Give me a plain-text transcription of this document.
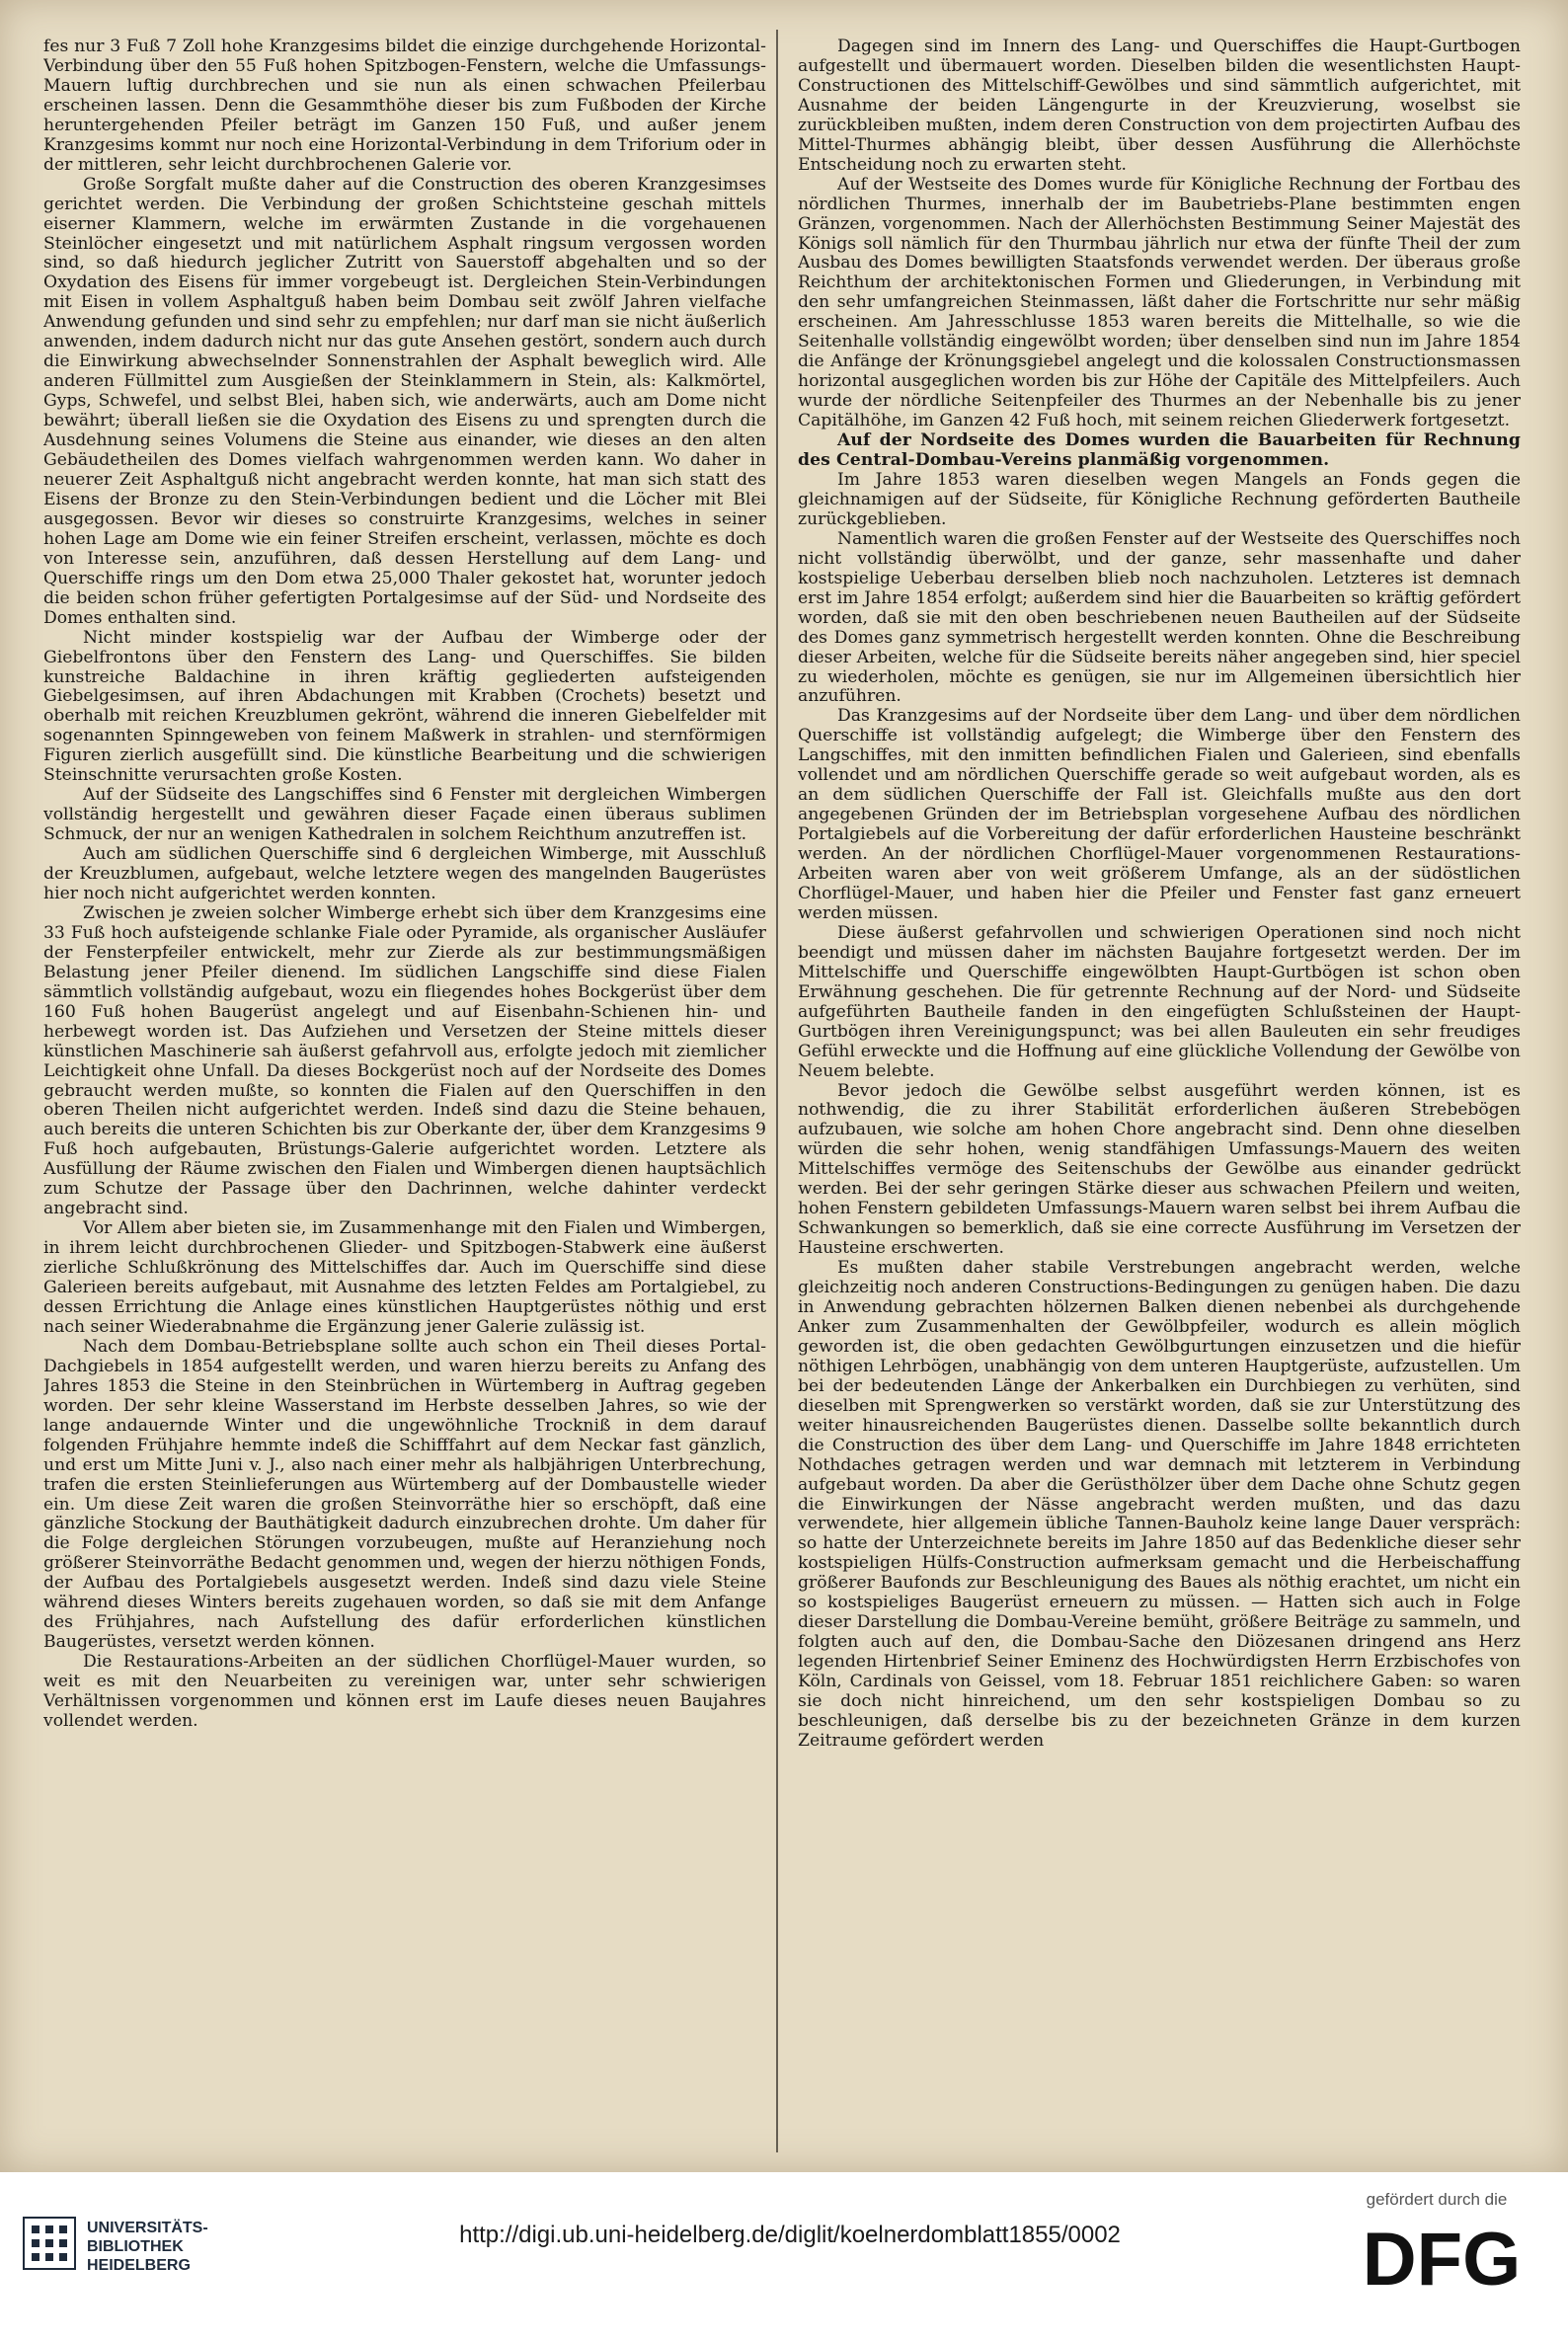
fes nur 3 Fuß 7 Zoll hohe Kranzgesims bildet die einzige durchgehende Horizontal-Verbindung über den 55 Fuß hohen Spitzbogen-Fenstern, welche die Umfassungs-Mauern luftig durchbrechen und sie nun als einen schwachen Pfeilerbau erscheinen lassen. Denn die Gesammthöhe dieser bis zum Fußboden der Kirche heruntergehenden Pfeiler beträgt im Ganzen 150 Fuß, und außer jenem Kranzgesims kommt nur noch eine Horizontal-Verbindung in dem Triforium oder in der mittleren, sehr leicht durchbrochenen Galerie vor.

Große Sorgfalt mußte daher auf die Construction des oberen Kranzgesimses gerichtet werden. Die Verbindung der großen Schichtsteine geschah mittels eiserner Klammern, welche im erwärmten Zustande in die vorgehauenen Steinlöcher eingesetzt und mit natürlichem Asphalt ringsum vergossen worden sind, so daß hiedurch jeglicher Zutritt von Sauerstoff abgehalten und so der Oxydation des Eisens für immer vorgebeugt ist. Dergleichen Stein-Verbindungen mit Eisen in vollem Asphaltguß haben beim Dombau seit zwölf Jahren vielfache Anwendung gefunden und sind sehr zu empfehlen; nur darf man sie nicht äußerlich anwenden, indem dadurch nicht nur das gute Ansehen gestört, sondern auch durch die Einwirkung abwechselnder Sonnenstrahlen der Asphalt beweglich wird. Alle anderen Füllmittel zum Ausgießen der Steinklammern in Stein, als: Kalkmörtel, Gyps, Schwefel, und selbst Blei, haben sich, wie anderwärts, auch am Dome nicht bewährt; überall ließen sie die Oxydation des Eisens zu und sprengten durch die Ausdehnung seines Volumens die Steine aus einander, wie dieses an den alten Gebäudetheilen des Domes vielfach wahrgenommen werden kann. Wo daher in neuerer Zeit Asphaltguß nicht angebracht werden konnte, hat man sich statt des Eisens der Bronze zu den Stein-Verbindungen bedient und die Löcher mit Blei ausgegossen. Bevor wir dieses so construirte Kranzgesims, welches in seiner hohen Lage am Dome wie ein feiner Streifen erscheint, verlassen, möchte es doch von Interesse sein, anzuführen, daß dessen Herstellung auf dem Lang- und Querschiffe rings um den Dom etwa 25,000 Thaler gekostet hat, worunter jedoch die beiden schon früher gefertigten Portalgesimse auf der Süd- und Nordseite des Domes enthalten sind.

Nicht minder kostspielig war der Aufbau der Wimberge oder der Giebelfrontons über den Fenstern des Lang- und Querschiffes. Sie bilden kunstreiche Baldachine in ihren kräftig gegliederten aufsteigenden Giebelgesimsen, auf ihren Abdachungen mit Krabben (Crochets) besetzt und oberhalb mit reichen Kreuzblumen gekrönt, während die inneren Giebelfelder mit sogenannten Spinngeweben von feinem Maßwerk in strahlen- und sternförmigen Figuren zierlich ausgefüllt sind. Die künstliche Bearbeitung und die schwierigen Steinschnitte verursachten große Kosten.

Auf der Südseite des Langschiffes sind 6 Fenster mit dergleichen Wimbergen vollständig hergestellt und gewähren dieser Façade einen überaus sublimen Schmuck, der nur an wenigen Kathedralen in solchem Reichthum anzutreffen ist.

Auch am südlichen Querschiffe sind 6 dergleichen Wimberge, mit Ausschluß der Kreuzblumen, aufgebaut, welche letztere wegen des mangelnden Baugerüstes hier noch nicht aufgerichtet werden konnten.

Zwischen je zweien solcher Wimberge erhebt sich über dem Kranzgesims eine 33 Fuß hoch aufsteigende schlanke Fiale oder Pyramide, als organischer Ausläufer der Fensterpfeiler entwickelt, mehr zur Zierde als zur bestimmungsmäßigen Belastung jener Pfeiler dienend. Im südlichen Langschiffe sind diese Fialen sämmtlich vollständig aufgebaut, wozu ein fliegendes hohes Bockgerüst über dem 160 Fuß hohen Baugerüst angelegt und auf Eisenbahn-Schienen hin- und herbewegt worden ist. Das Aufziehen und Versetzen der Steine mittels dieser künstlichen Maschinerie sah äußerst gefahrvoll aus, erfolgte jedoch mit ziemlicher Leichtigkeit ohne Unfall. Da dieses Bockgerüst noch auf der Nordseite des Domes gebraucht werden mußte, so konnten die Fialen auf den Querschiffen in den oberen Theilen nicht aufgerichtet werden. Indeß sind dazu die Steine behauen, auch bereits die unteren Schichten bis zur Oberkante der, über dem Kranzgesims 9 Fuß hoch aufgebauten, Brüstungs-Galerie aufgerichtet worden. Letztere als Ausfüllung der Räume zwischen den Fialen und Wimbergen dienen hauptsächlich zum Schutze der Passage über den Dachrinnen, welche dahinter verdeckt angebracht sind.

Vor Allem aber bieten sie, im Zusammenhange mit den Fialen und Wimbergen, in ihrem leicht durchbrochenen Glieder- und Spitzbogen-Stabwerk eine äußerst zierliche Schlußkrönung des Mittelschiffes dar. Auch im Querschiffe sind diese Galerieen bereits aufgebaut, mit Ausnahme des letzten Feldes am Portalgiebel, zu dessen Errichtung die Anlage eines künstlichen Hauptgerüstes nöthig und erst nach seiner Wiederabnahme die Ergänzung jener Galerie zulässig ist.

Nach dem Dombau-Betriebsplane sollte auch schon ein Theil dieses Portal-Dachgiebels in 1854 aufgestellt werden, und waren hierzu bereits zu Anfang des Jahres 1853 die Steine in den Steinbrüchen in Würtemberg in Auftrag gegeben worden. Der sehr kleine Wasserstand im Herbste desselben Jahres, so wie der lange andauernde Winter und die ungewöhnliche Trockniß in dem darauf folgenden Frühjahre hemmte indeß die Schifffahrt auf dem Neckar fast gänzlich, und erst um Mitte Juni v. J., also nach einer mehr als halbjährigen Unterbrechung, trafen die ersten Steinlieferungen aus Würtemberg auf der Dombaustelle wieder ein. Um diese Zeit waren die großen Steinvorräthe hier so erschöpft, daß eine gänzliche Stockung der Bauthätigkeit dadurch einzubrechen drohte. Um daher für die Folge dergleichen Störungen vorzubeugen, mußte auf Heranziehung noch größerer Steinvorräthe Bedacht genommen und, wegen der hierzu nöthigen Fonds, der Aufbau des Portalgiebels ausgesetzt werden. Indeß sind dazu viele Steine während dieses Winters bereits zugehauen worden, so daß sie mit dem Anfange des Frühjahres, nach Aufstellung des dafür erforderlichen künstlichen Baugerüstes, versetzt werden können.

Die Restaurations-Arbeiten an der südlichen Chorflügel-Mauer wurden, so weit es mit den Neuarbeiten zu vereinigen war, unter sehr schwierigen Verhältnissen vorgenommen und können erst im Laufe dieses neuen Baujahres vollendet werden.

Dagegen sind im Innern des Lang- und Querschiffes die Haupt-Gurtbogen aufgestellt und übermauert worden. Dieselben bilden die wesentlichsten Haupt-Constructionen des Mittelschiff-Gewölbes und sind sämmtlich aufgerichtet, mit Ausnahme der beiden Längengurte in der Kreuzvierung, woselbst sie zurückbleiben mußten, indem deren Construction von dem projectirten Aufbau des Mittel-Thurmes abhängig bleibt, über dessen Ausführung die Allerhöchste Entscheidung noch zu erwarten steht.

Auf der Westseite des Domes wurde für Königliche Rechnung der Fortbau des nördlichen Thurmes, innerhalb der im Baubetriebs-Plane bestimmten engen Gränzen, vorgenommen. Nach der Allerhöchsten Bestimmung Seiner Majestät des Königs soll nämlich für den Thurmbau jährlich nur etwa der fünfte Theil der zum Ausbau des Domes bewilligten Staatsfonds verwendet werden. Der überaus große Reichthum der architektonischen Formen und Gliederungen, in Verbindung mit den sehr umfangreichen Steinmassen, läßt daher die Fortschritte nur sehr mäßig erscheinen. Am Jahresschlusse 1853 waren bereits die Mittelhalle, so wie die Seitenhalle vollständig eingewölbt worden; über denselben sind nun im Jahre 1854 die Anfänge der Krönungsgiebel angelegt und die kolossalen Constructionsmassen horizontal ausgeglichen worden bis zur Höhe der Capitäle des Mittelpfeilers. Auch wurde der nördliche Seitenpfeiler des Thurmes an der Nebenhalle bis zu jener Capitälhöhe, im Ganzen 42 Fuß hoch, mit seinem reichen Gliederwerk fortgesetzt.

Auf der Nordseite des Domes wurden die Bauarbeiten für Rechnung des Central-Dombau-Vereins planmäßig vorgenommen.

Im Jahre 1853 waren dieselben wegen Mangels an Fonds gegen die gleichnamigen auf der Südseite, für Königliche Rechnung geförderten Bautheile zurückgeblieben.

Namentlich waren die großen Fenster auf der Westseite des Querschiffes noch nicht vollständig überwölbt, und der ganze, sehr massenhafte und daher kostspielige Ueberbau derselben blieb noch nachzuholen. Letzteres ist demnach erst im Jahre 1854 erfolgt; außerdem sind hier die Bauarbeiten so kräftig gefördert worden, daß sie mit den oben beschriebenen neuen Bautheilen auf der Südseite des Domes ganz symmetrisch hergestellt werden konnten. Ohne die Beschreibung dieser Arbeiten, welche für die Südseite bereits näher angegeben sind, hier speciel zu wiederholen, möchte es genügen, sie nur im Allgemeinen übersichtlich hier anzuführen.

Das Kranzgesims auf der Nordseite über dem Lang- und über dem nördlichen Querschiffe ist vollständig aufgelegt; die Wimberge über den Fenstern des Langschiffes, mit den inmitten befindlichen Fialen und Galerieen, sind ebenfalls vollendet und am nördlichen Querschiffe gerade so weit aufgebaut worden, als es an dem südlichen Querschiffe der Fall ist. Gleichfalls mußte aus den dort angegebenen Gründen der im Betriebsplan vorgesehene Aufbau des nördlichen Portalgiebels auf die Vorbereitung der dafür erforderlichen Hausteine beschränkt werden. An der nördlichen Chorflügel-Mauer vorgenommenen Restaurations-Arbeiten waren aber von weit größerem Umfange, als an der südöstlichen Chorflügel-Mauer, und haben hier die Pfeiler und Fenster fast ganz erneuert werden müssen.

Diese äußerst gefahrvollen und schwierigen Operationen sind noch nicht beendigt und müssen daher im nächsten Baujahre fortgesetzt werden. Der im Mittelschiffe und Querschiffe eingewölbten Haupt-Gurtbögen ist schon oben Erwähnung geschehen. Die für getrennte Rechnung auf der Nord- und Südseite aufgeführten Bautheile fanden in den eingefügten Schlußsteinen der Haupt-Gurtbögen ihren Vereinigungspunct; was bei allen Bauleuten ein sehr freudiges Gefühl erweckte und die Hoffnung auf eine glückliche Vollendung der Gewölbe von Neuem belebte.

Bevor jedoch die Gewölbe selbst ausgeführt werden können, ist es nothwendig, die zu ihrer Stabilität erforderlichen äußeren Strebebögen aufzubauen, wie solche am hohen Chore angebracht sind. Denn ohne dieselben würden die sehr hohen, wenig standfähigen Umfassungs-Mauern des weiten Mittelschiffes vermöge des Seitenschubs der Gewölbe aus einander gedrückt werden. Bei der sehr geringen Stärke dieser aus schwachen Pfeilern und weiten, hohen Fenstern gebildeten Umfassungs-Mauern waren selbst bei ihrem Aufbau die Schwankungen so bemerklich, daß sie eine correcte Ausführung im Versetzen der Hausteine erschwerten.

Es mußten daher stabile Verstrebungen angebracht werden, welche gleichzeitig noch anderen Constructions-Bedingungen zu genügen haben. Die dazu in Anwendung gebrachten hölzernen Balken dienen nebenbei als durchgehende Anker zum Zusammenhalten der Gewölbpfeiler, wodurch es allein möglich geworden ist, die oben gedachten Gewölbgurtungen einzusetzen und die hiefür nöthigen Lehrbögen, unabhängig von dem unteren Hauptgerüste, aufzustellen. Um bei der bedeutenden Länge der Ankerbalken ein Durchbiegen zu verhüten, sind dieselben mit Sprengwerken so verstärkt worden, daß sie zur Unterstützung des weiter hinausreichenden Baugerüstes dienen. Dasselbe sollte bekanntlich durch die Construction des über dem Lang- und Querschiffe im Jahre 1848 errichteten Nothdaches getragen werden und war demnach mit letzterem in Verbindung aufgebaut worden. Da aber die Gerüsthölzer über dem Dache ohne Schutz gegen die Einwirkungen der Nässe angebracht werden mußten, und das dazu verwendete, hier allgemein übliche Tannen-Bauholz keine lange Dauer verspräch: so hatte der Unterzeichnete bereits im Jahre 1850 auf das Bedenkliche dieser sehr kostspieligen Hülfs-Construction aufmerksam gemacht und die Herbeischaffung größerer Baufonds zur Beschleunigung des Baues als nöthig erachtet, um nicht ein so kostspieliges Baugerüst erneuern zu müssen. — Hatten sich auch in Folge dieser Darstellung die Dombau-Vereine bemüht, größere Beiträge zu sammeln, und folgten auch auf den, die Dombau-Sache den Diözesanen dringend ans Herz legenden Hirtenbrief Seiner Eminenz des Hochwürdigsten Herrn Erzbischofes von Köln, Cardinals von Geissel, vom 18. Februar 1851 reichlichere Gaben: so waren sie doch nicht hinreichend, um den sehr kostspieligen Dombau so zu beschleunigen, daß derselbe bis zu der bezeichneten Gränze in dem kurzen Zeitraume gefördert werden

UNIVERSITÄTS-
BIBLIOTHEK
HEIDELBERG
http://digi.ub.uni-heidelberg.de/diglit/koelnerdomblatt1855/0002
gefördert durch die
DFG
